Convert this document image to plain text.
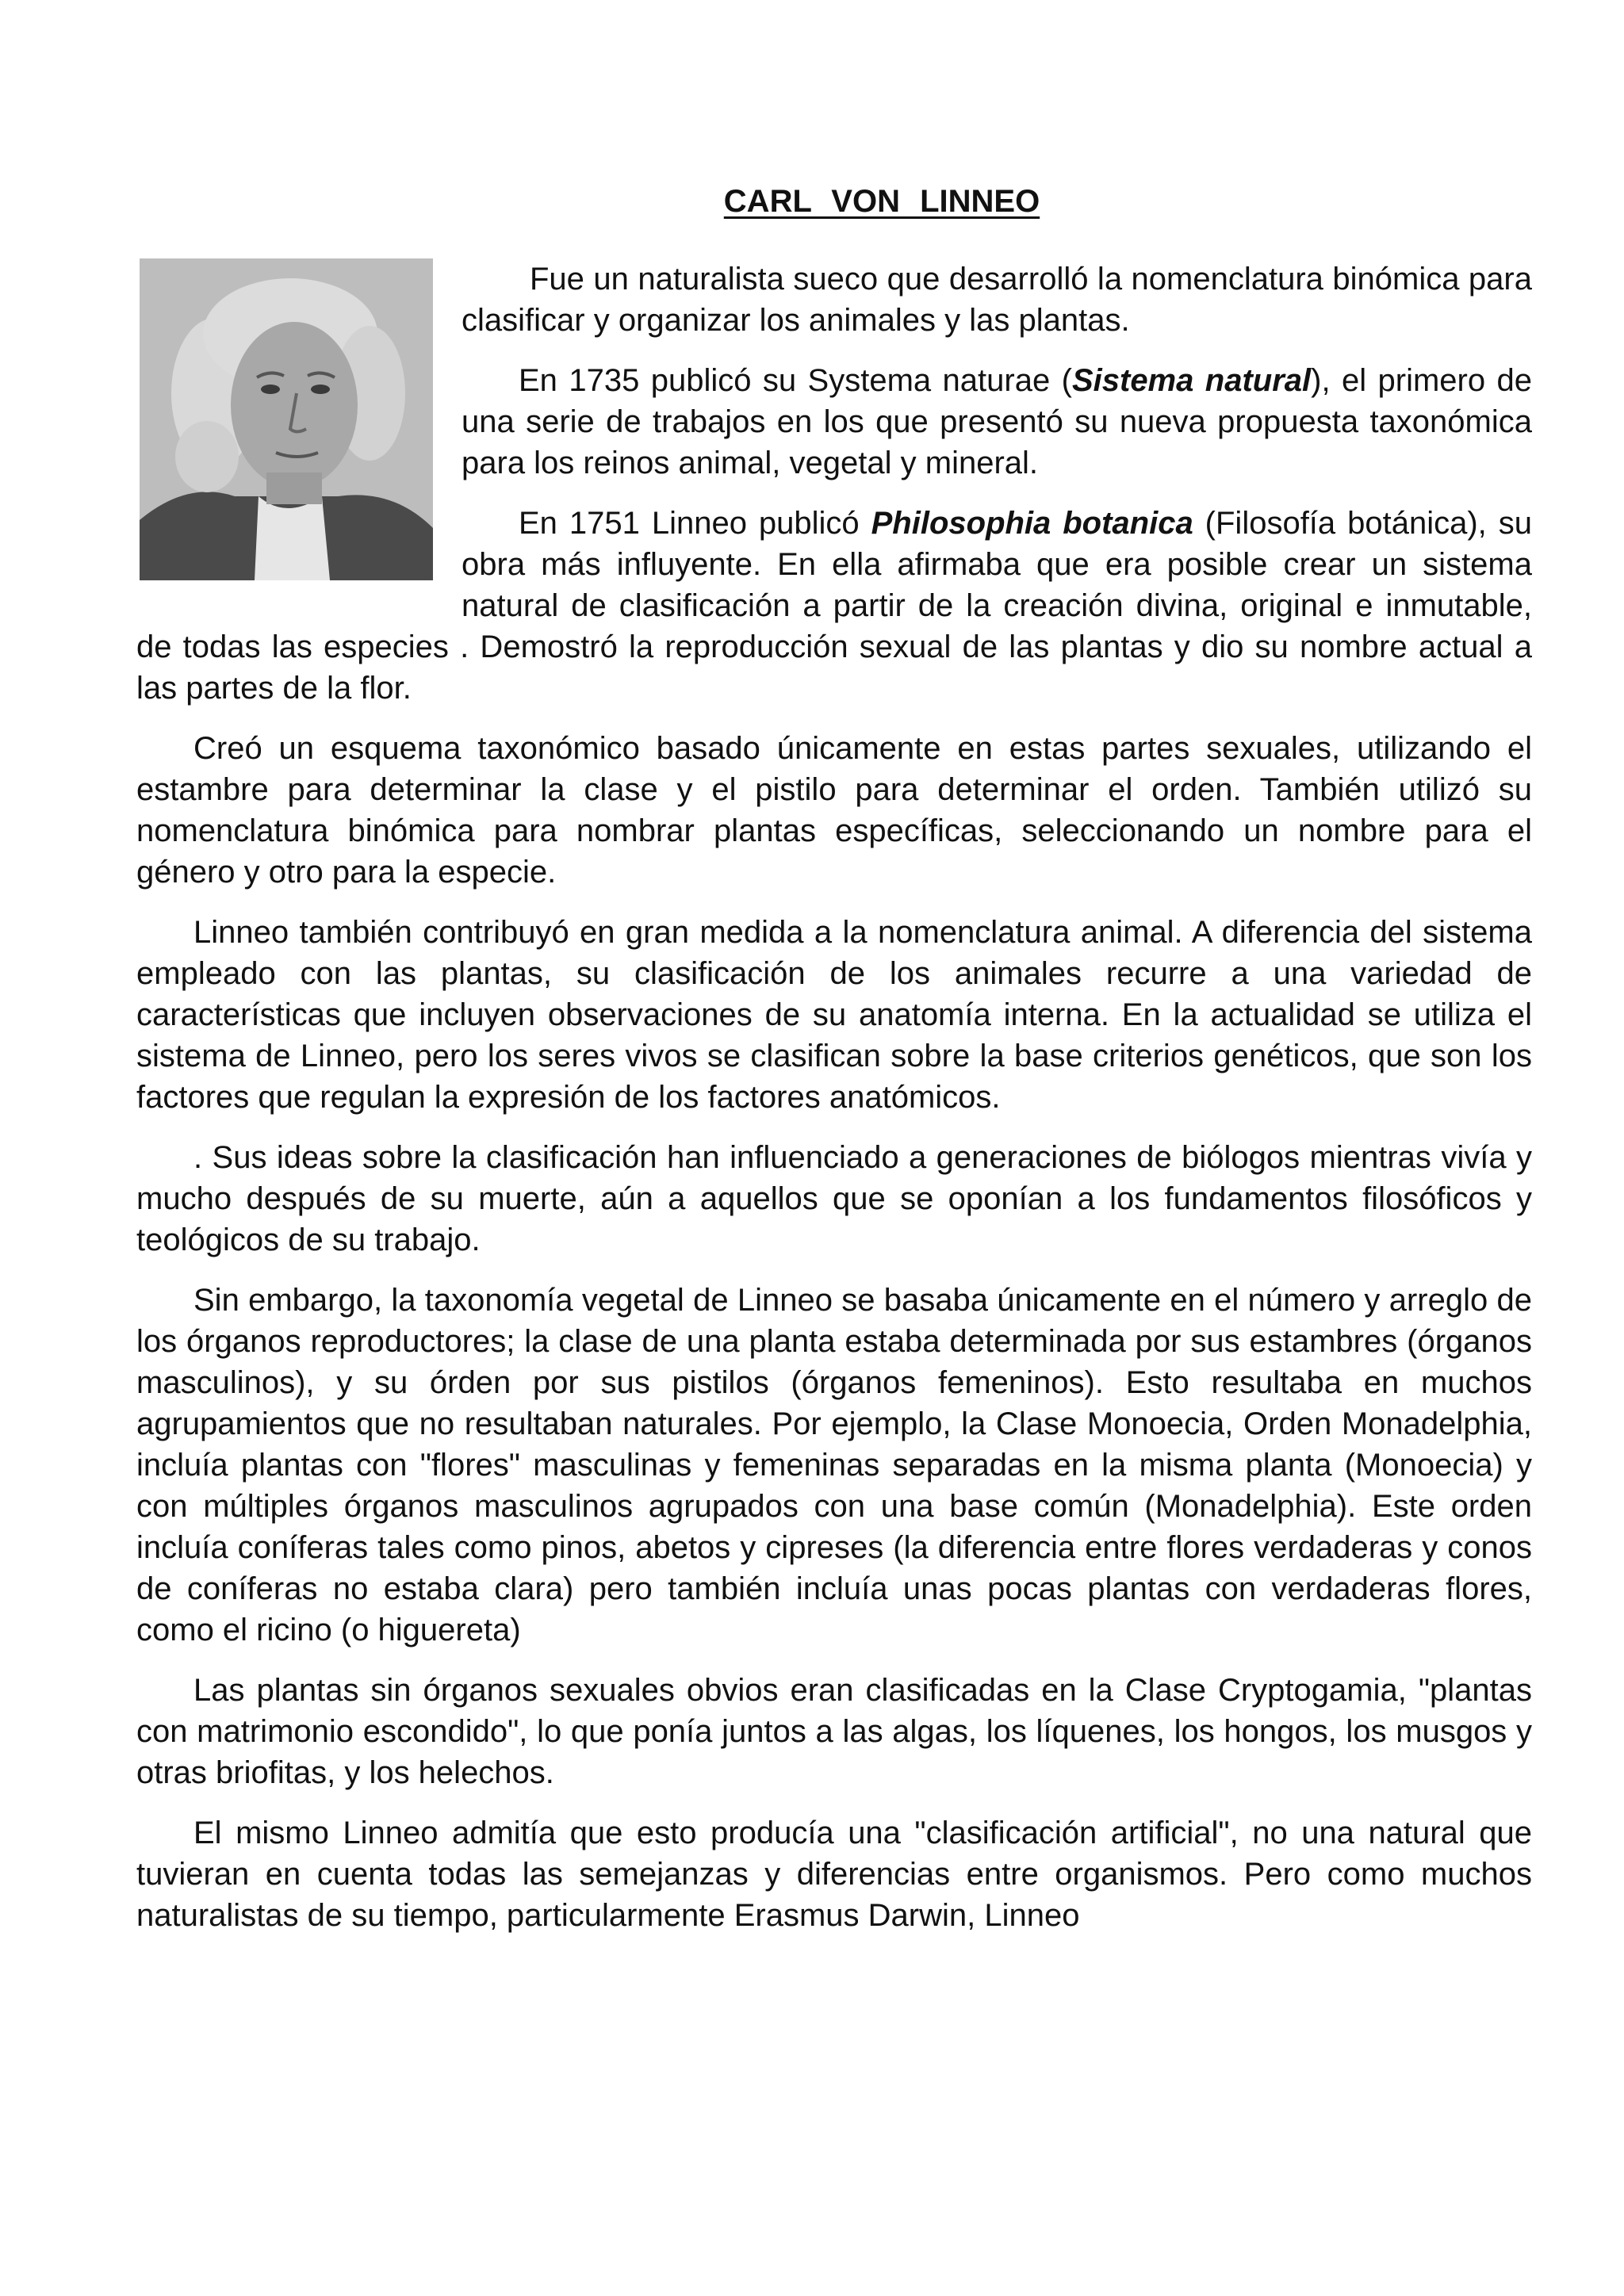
CARL VON LINNEO

Fue un naturalista sueco que desarrolló la nomenclatura binómica para clasificar y organizar los animales y las plantas.

En 1735 publicó su Systema naturae (Sistema natural), el primero de una serie de trabajos en los que presentó su nueva propuesta taxonómica para los reinos animal, vegetal y mineral.

En 1751 Linneo publicó Philosophia botanica (Filosofía botánica), su obra más influyente. En ella afirmaba que era posible crear un sistema natural de clasificación a partir de la creación divina, original e inmutable, de todas las especies . Demostró la reproducción sexual de las plantas y dio su nombre actual a las partes de la flor.

Creó un esquema taxonómico basado únicamente en estas partes sexuales, utilizando el estambre para determinar la clase y el pistilo para determinar el orden. También utilizó su nomenclatura binómica para nombrar plantas específicas, seleccionando un nombre para el género y otro para la especie.

Linneo también contribuyó en gran medida a la nomenclatura animal. A diferencia del sistema empleado con las plantas, su clasificación de los animales recurre a una variedad de características que incluyen observaciones de su anatomía interna. En la actualidad se utiliza el sistema de Linneo, pero los seres vivos se clasifican sobre la base criterios genéticos, que son los factores que regulan la expresión de los factores anatómicos.

. Sus ideas sobre la clasificación han influenciado a generaciones de biólogos mientras vivía y mucho después de su muerte, aún a aquellos que se oponían a los fundamentos filosóficos y teológicos de su trabajo.

Sin embargo, la taxonomía vegetal de Linneo se basaba únicamente en el número y arreglo de los órganos reproductores; la clase de una planta estaba determinada por sus estambres (órganos masculinos), y su órden por sus pistilos (órganos femeninos). Esto resultaba en muchos agrupamientos que no resultaban naturales. Por ejemplo, la Clase Monoecia, Orden Monadelphia, incluía plantas con "flores" masculinas y femeninas separadas en la misma planta (Monoecia) y con múltiples órganos masculinos agrupados con una base común (Monadelphia). Este orden incluía coníferas tales como pinos, abetos y cipreses (la diferencia entre flores verdaderas y conos de coníferas no estaba clara) pero también incluía unas pocas plantas con verdaderas flores, como el ricino (o higuereta)

Las plantas sin órganos sexuales obvios eran clasificadas en la Clase Cryptogamia, "plantas con matrimonio escondido", lo que ponía juntos a las algas, los líquenes, los hongos, los musgos y otras briofitas, y los helechos.

El mismo Linneo admitía que esto producía una "clasificación artificial", no una natural que tuvieran en cuenta todas las semejanzas y diferencias entre organismos. Pero como muchos naturalistas de su tiempo, particularmente Erasmus Darwin, Linneo
